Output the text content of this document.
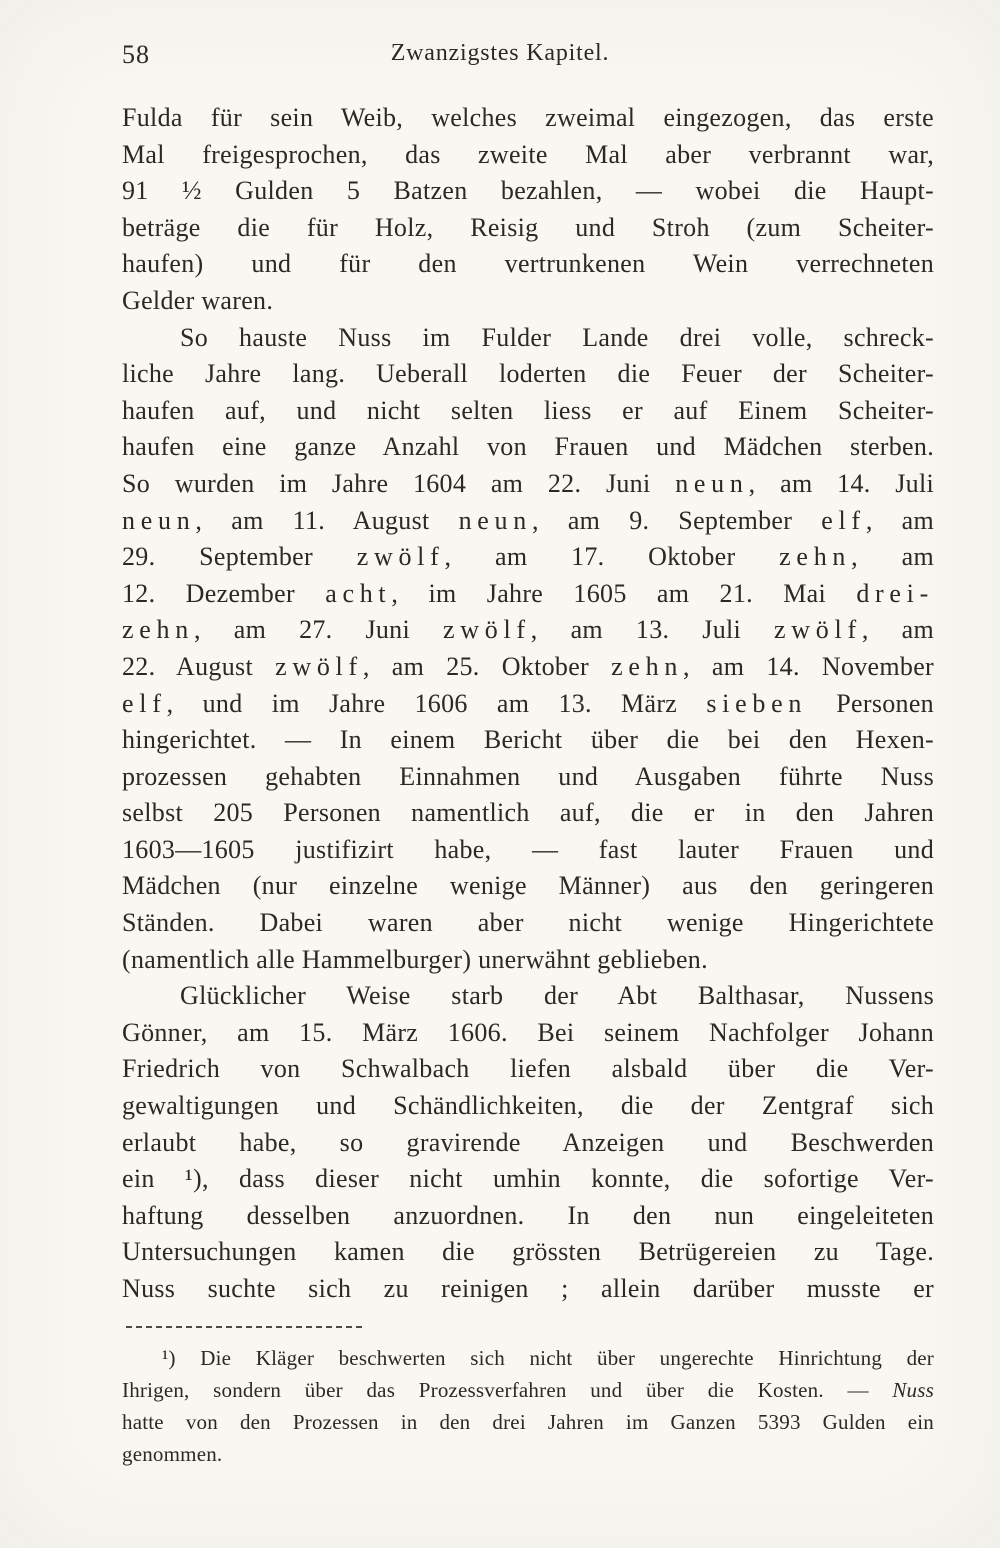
58	Zwanzigstes Kapitel.
Fulda für sein Weib, welches zweimal eingezogen, das erste
Mal freigesprochen, das zweite Mal aber verbrannt war,
91 ½ Gulden 5 Batzen bezahlen, — wobei die Haupt-
beträge die für Holz, Reisig und Stroh (zum Scheiter-
haufen) und für den vertrunkenen Wein verrechneten
Gelder waren.
So hauste Nuss im Fulder Lande drei volle, schreck-
liche Jahre lang. Ueberall loderten die Feuer der Scheiter-
haufen auf, und nicht selten liess er auf Einem Scheiter-
haufen eine ganze Anzahl von Frauen und Mädchen sterben.
So wurden im Jahre 1604 am 22. Juni neun, am 14. Juli
neun, am 11. August neun, am 9. September elf, am
29. September zwölf, am 17. Oktober zehn, am
12. Dezember acht, im Jahre 1605 am 21. Mai drei-
zehn, am 27. Juni zwölf, am 13. Juli zwölf, am
22. August zwölf, am 25. Oktober zehn, am 14. November
elf, und im Jahre 1606 am 13. März sieben Personen
hingerichtet. — In einem Bericht über die bei den Hexen-
prozessen gehabten Einnahmen und Ausgaben führte Nuss
selbst 205 Personen namentlich auf, die er in den Jahren
1603—1605 justifizirt habe, — fast lauter Frauen und
Mädchen (nur einzelne wenige Männer) aus den geringeren
Ständen. Dabei waren aber nicht wenige Hingerichtete
(namentlich alle Hammelburger) unerwähnt geblieben.
Glücklicher Weise starb der Abt Balthasar, Nussens
Gönner, am 15. März 1606. Bei seinem Nachfolger Johann
Friedrich von Schwalbach liefen alsbald über die Ver-
gewaltigungen und Schändlichkeiten, die der Zentgraf sich
erlaubt habe, so gravirende Anzeigen und Beschwerden
ein ¹), dass dieser nicht umhin konnte, die sofortige Ver-
haftung desselben anzuordnen. In den nun eingeleiteten
Untersuchungen kamen die grössten Betrügereien zu Tage.
Nuss suchte sich zu reinigen ; allein darüber musste er
¹) Die Kläger beschwerten sich nicht über ungerechte Hinrichtung der
Ihrigen, sondern über das Prozessverfahren und über die Kosten. — Nuss
hatte von den Prozessen in den drei Jahren im Ganzen 5393 Gulden ein
genommen.
